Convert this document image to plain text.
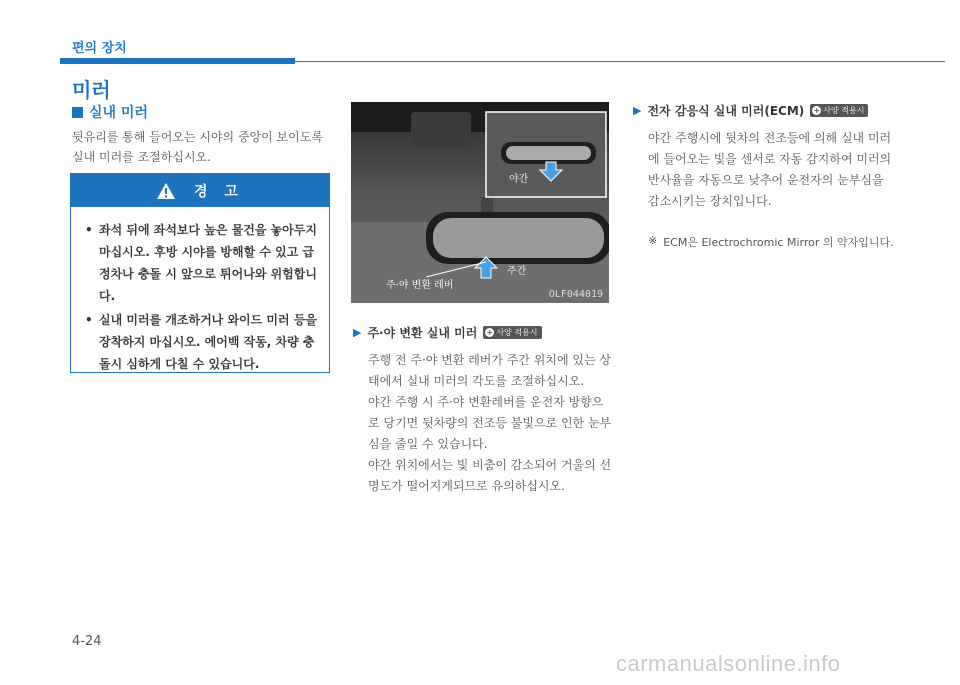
편의 장치
미러
실내 미러
뒷유리를 통해 들어오는 시야의 중앙이 보이도록 실내 미러를 조절하십시오.
경 고
• 좌석 뒤에 좌석보다 높은 물건을 놓아두지 마십시오. 후방 시야를 방해할 수 있고 급정차나 충돌 시 앞으로 튀어나와 위험합니다.
• 실내 미러를 개조하거나 와이드 미러 등을 장착하지 마십시오. 에어백 작동, 차량 충돌시 심하게 다칠 수 있습니다.
야간
주간
주·야 변환 레버
OLF044019
▶ 주·야 변환 실내 미러 + 사양 적용시

주행 전 주·야 변환 레버가 주간 위치에 있는 상태에서 실내 미러의 각도를 조절하십시오.

야간 주행 시 주·야 변환레버를 운전자 방향으로 당기면 뒷차량의 전조등 불빛으로 인한 눈부심을 줄일 수 있습니다.

야간 위치에서는 빛 비춤이 감소되어 거울의 선명도가 떨어지게되므로 유의하십시오.

▶ 전자 감응식 실내 미러(ECM) + 사양 적용시
야간 주행시에 뒷차의 전조등에 의해 실내 미러에 들어오는 빛을 센서로 자동 감지하여 미러의 반사율을 자동으로 낮추어 운전자의 눈부심을 감소시키는 장치입니다.
※ ECM은 Electrochromic Mirror 의 약자입니다.
4-24
carmanualsonline.info
